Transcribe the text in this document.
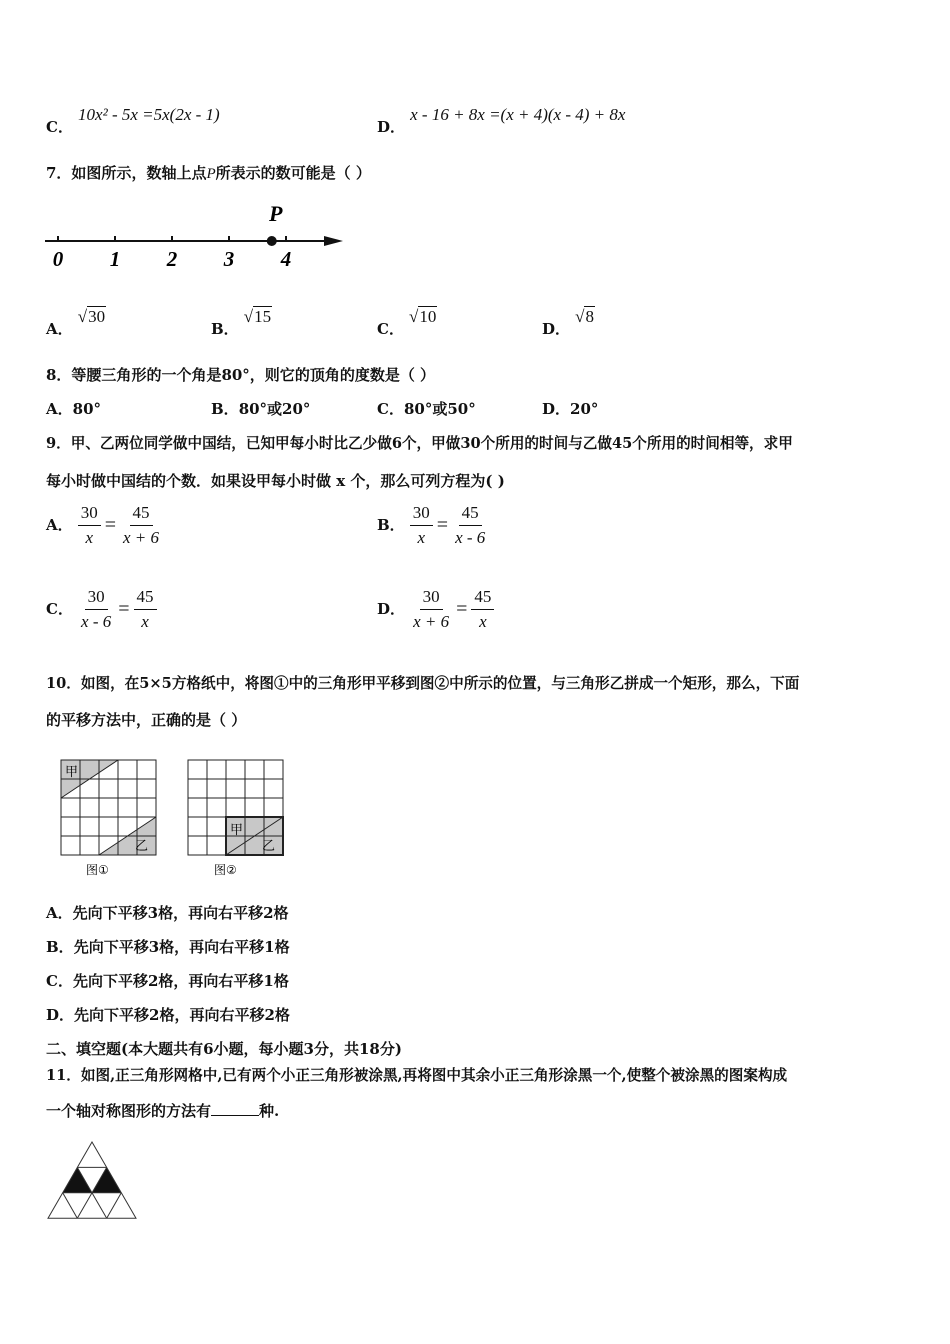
C． 10x² - 5x =5x(2x - 1)
D． x - 16 + 8x =(x + 4)(x - 4) + 8x
7．如图所示，数轴上点P所表示的数可能是（ ）
0 1 2 3 4
P
A． √30
B． √15
C． √10
D． √8
8．等腰三角形的一个角是80°，则它的顶角的度数是（ ）
A．80°	B．80°或20°	C．80°或50°	D．20°
9．甲、乙两位同学做中国结，已知甲每小时比乙少做6个，甲做30个所用的时间与乙做45个所用的时间相等，求甲
每小时做中国结的个数．如果设甲每小时做 x 个，那么可列方程为( )
A． $\frac{30}{x} = \frac{45}{x + 6}$	B． $\frac{30}{x} = \frac{45}{x - 6}$
C． $\frac{30}{x - 6} = \frac{45}{x}$	D． $\frac{30}{x + 6} = \frac{45}{x}$
10．如图，在5×5方格纸中，将图①中的三角形甲平移到图②中所示的位置，与三角形乙拼成一个矩形，那么，下面
的平移方法中，正确的是（ ）
甲
乙
甲
乙
图①	图②
A．先向下平移3格，再向右平移2格
B．先向下平移3格，再向右平移1格
C．先向下平移2格，再向右平移1格
D．先向下平移2格，再向右平移2格
二、填空题(本大题共有6小题，每小题3分，共18分)
11．如图,正三角形网格中,已有两个小正三角形被涂黑,再将图中其余小正三角形涂黑一个,使整个被涂黑的图案构成
一个轴对称图形的方法有	种.
